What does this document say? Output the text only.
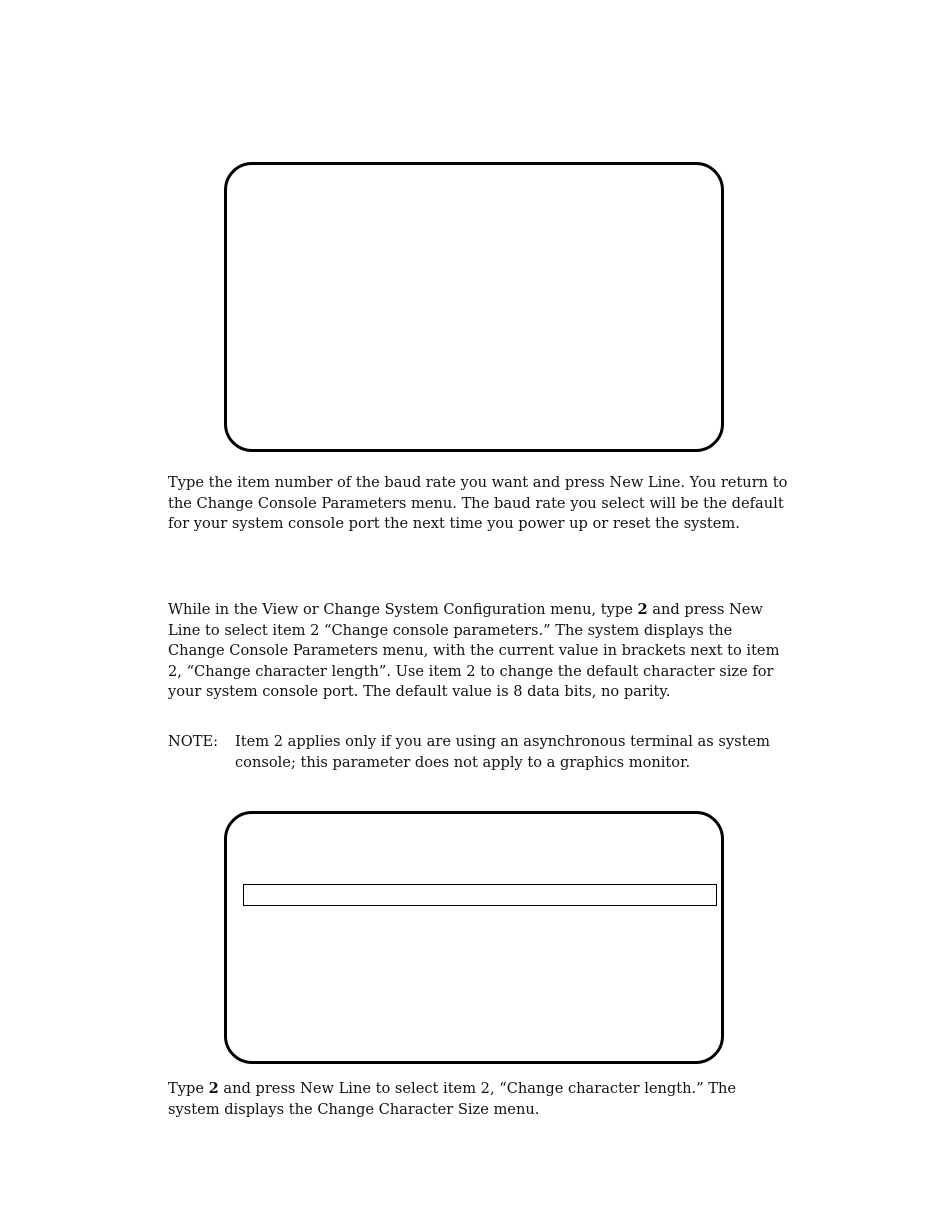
Type the item number of the baud rate you want and press New Line. You return to the Change Console Parameters menu. The baud rate you select will be the default for your system console port the next time you power up or reset the system.

While in the View or Change System Configuration menu, type 2 and press New Line to select item 2 “Change console parameters.” The system displays the Change Console Parameters menu, with the current value in brackets next to item 2, “Change character length”. Use item 2 to change the default character size for your system console port. The default value is 8 data bits, no parity.

NOTE:	Item 2 applies only if you are using an asynchronous terminal as system console; this parameter does not apply to a graphics monitor.

Type 2 and press New Line to select item 2, “Change character length.” The system displays the Change Character Size menu.
